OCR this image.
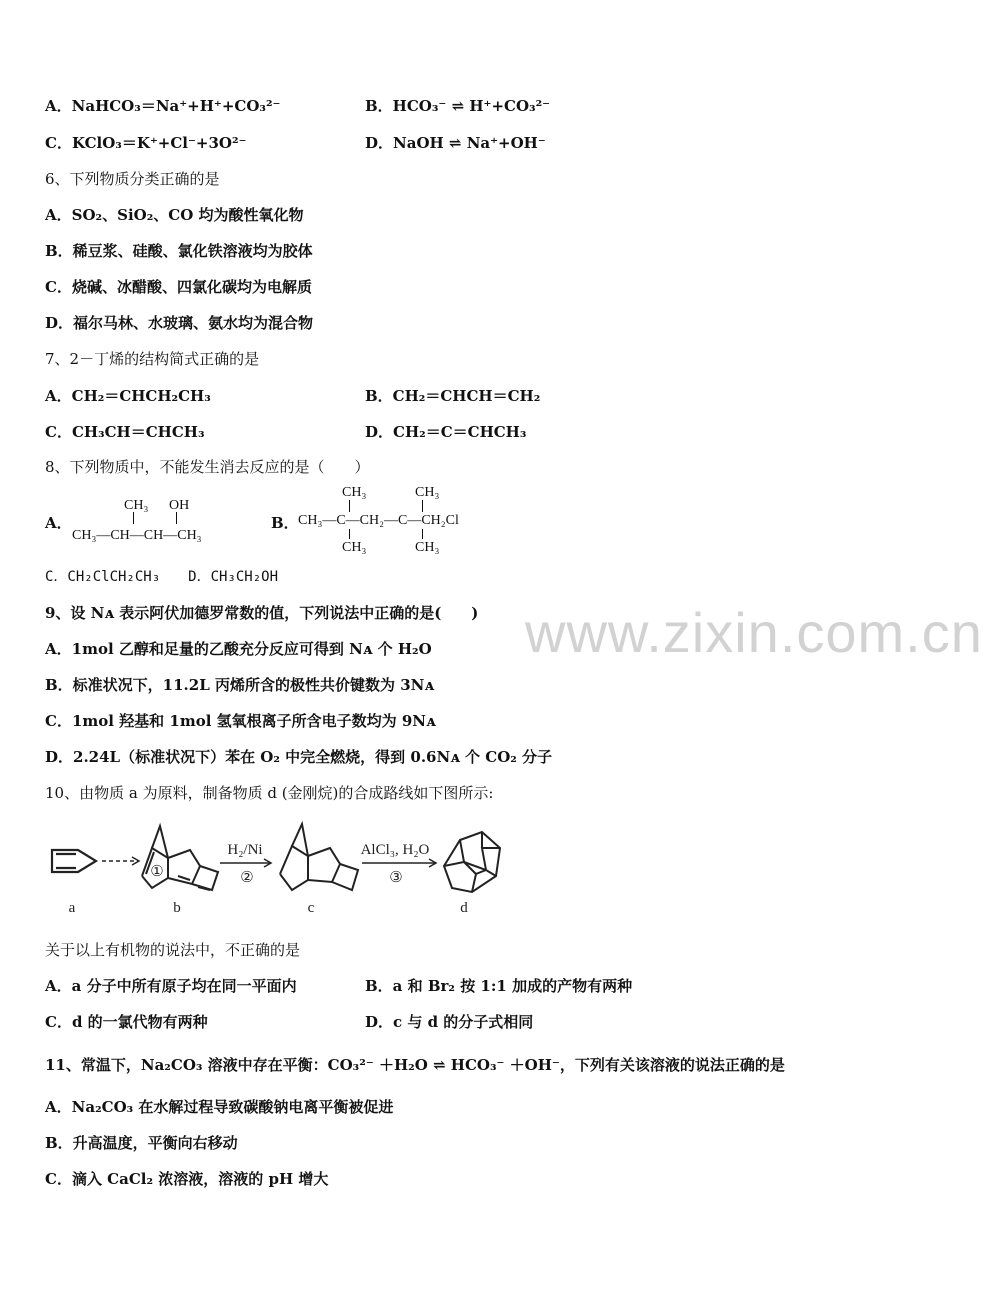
A．NaHCO₃＝Na⁺+H⁺+CO₃²⁻	B．HCO₃⁻ ⇌ H⁺+CO₃²⁻
C．KClO₃＝K⁺+Cl⁻+3O²⁻	D．NaOH ⇌ Na⁺+OH⁻
6、下列物质分类正确的是
A．SO₂、SiO₂、CO 均为酸性氧化物
B．稀豆浆、硅酸、氯化铁溶液均为胶体
C．烧碱、冰醋酸、四氯化碳均为电解质
D．福尔马林、水玻璃、氨水均为混合物
7、2－丁烯的结构简式正确的是
A．CH₂＝CHCH₂CH₃	B．CH₂＝CHCH＝CH₂
C．CH₃CH＝CHCH₃	D．CH₂＝C＝CHCH₃
8、下列物质中，不能发生消去反应的是（　　）
A．
CH₃ OH
CH₃—CH—CH—CH₃
B．
CH₃	CH₃
CH₃—C—CH₂—C—CH₂Cl
CH₃	CH₃
C．CH₂ClCH₂CH₃　　D．CH₃CH₂OH
9、设 Nᴀ 表示阿伏加德罗常数的值，下列说法中正确的是(　　)
A．1mol 乙醇和足量的乙酸充分反应可得到 Nᴀ 个 H₂O
B．标准状况下，11.2L 丙烯所含的极性共价键数为 3Nᴀ
C．1mol 羟基和 1mol 氢氧根离子所含电子数均为 9Nᴀ
D．2.24L（标准状况下）苯在 O₂ 中完全燃烧，得到 0.6Nᴀ 个 CO₂ 分子
10、由物质 a 为原料，制备物质 d (金刚烷)的合成路线如下图所示:
①
H₂/Ni
②
AlCl₃, H₂O
③
a	b	c	d
关于以上有机物的说法中，不正确的是
A．a 分子中所有原子均在同一平面内	B．a 和 Br₂ 按 1:1 加成的产物有两种
C．d 的一氯代物有两种	D．c 与 d 的分子式相同
11、常温下，Na₂CO₃ 溶液中存在平衡：CO₃²⁻ ＋H₂O ⇌ HCO₃⁻ ＋OH⁻，下列有关该溶液的说法正确的是
A．Na₂CO₃ 在水解过程导致碳酸钠电离平衡被促进
B．升高温度，平衡向右移动
C．滴入 CaCl₂ 浓溶液，溶液的 pH 增大
www.zixin.com.cn
